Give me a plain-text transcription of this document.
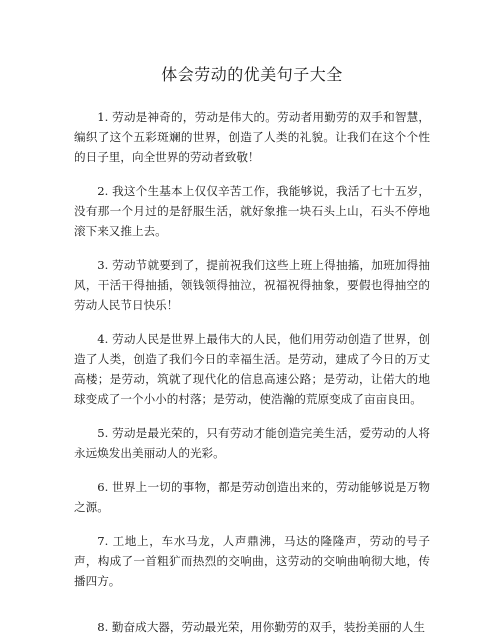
体会劳动的优美句子大全

1. 劳动是神奇的，劳动是伟大的。劳动者用勤劳的双手和智慧，编织了这个五彩斑斓的世界，创造了人类的礼貌。让我们在这个个性的日子里，向全世界的劳动者致敬！

2. 我这个生基本上仅仅辛苦工作，我能够说，我活了七十五岁，没有那一个月过的是舒服生活，就好象推一块石头上山，石头不停地滚下来又推上去。

3. 劳动节就要到了，提前祝我们这些上班上得抽搐，加班加得抽风，干活干得抽插，领钱领得抽泣，祝福祝得抽象，要假也得抽空的劳动人民节日快乐！

4. 劳动人民是世界上最伟大的人民，他们用劳动创造了世界，创造了人类，创造了我们今日的幸福生活。是劳动，建成了今日的万丈高楼；是劳动，筑就了现代化的信息高速公路；是劳动，让偌大的地球变成了一个小小的村落；是劳动，使浩瀚的荒原变成了亩亩良田。

5. 劳动是最光荣的，只有劳动才能创造完美生活，爱劳动的人将永远焕发出美丽动人的光彩。

6. 世界上一切的事物，都是劳动创造出来的，劳动能够说是万物之源。

7. 工地上，车水马龙，人声鼎沸，马达的隆隆声，劳动的号子声，构成了一首粗犷而热烈的交响曲，这劳动的交响曲响彻大地，传播四方。

8. 勤奋成大器，劳动最光荣，用你勤劳的双手，装扮美丽的人生
